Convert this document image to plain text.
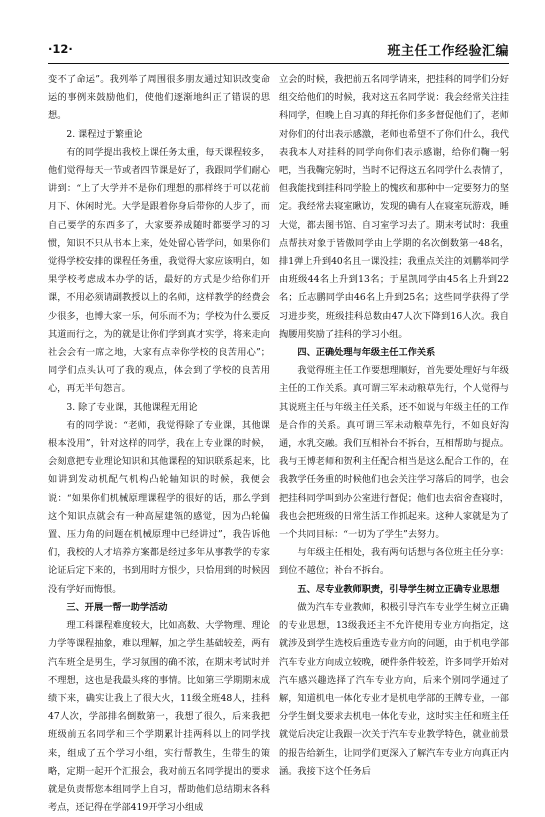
·12·	班主任工作经验汇编

变不了命运”。我列举了周围很多朋友通过知识改变命运的事例来鼓励他们，使他们逐渐地纠正了错误的思想。

2. 课程过于繁重论

有的同学提出我校上课任务太重，每天课程较多，他们觉得每天一节或者四节课是好了，我跟同学们耐心讲到：“上了大学并不是你们理想的那样终于可以花前月下、休闲时光。大学是跟着你身后带你的人步了，而自己要学的东西多了，大家要养成随时都要学习的习惯，知识不只从书本上来，处处留心皆学问，如果你们觉得学校安排的课程任务重，我觉得大家应该明白，如果学校考虑成本办学的话，最好的方式是少给你们开课，不用必须请副教授以上的名师，这样教学的经费会少很多，也博大家一乐，何乐而不为；学校为什么要反其道而行之，为的就是让你们学到真才实学，将来走向社会会有一席之地，大家有点幸你学校的良苦用心”；同学们点头认可了我的观点，体会到了学校的良苦用心，再无半句怨言。

3. 除了专业课，其他课程无用论

有的同学说：“老师，我觉得除了专业课，其他课根本没用”，针对这样的同学，我在上专业课的时候，会刻意把专业理论知识和其他课程的知识联系起来，比如讲到发动机配气机构凸轮轴知识的时候，我便会说：“如果你们机械原理课程学的很好的话，那么学到这个知识点就会有一种高屋建瓴的感觉，因为凸轮偏置、压力角的问题在机械原理中已经讲过”，我告诉他们，我校的人才培养方案都是经过多年从事教学的专家论证后定下来的，书到用时方恨少，只恰用到的时候因没有学好而悔恨。

三、开展一帮一助学活动

理工科课程难度较大，比如高数、大学物理、理论力学等课程抽象，难以理解，加之学生基础较差，两有汽车班全是男生，学习氛围的确不浓，在期末考试时并不理想，这也是我最头疼的事情。比如第三学期期末成绩下来，确实让我上了很大火，11级全班48人，挂科47人次，学部排名倒数第一，我想了很久，后来我把班级前五名同学和三个学期累计挂两科以上的同学找来，组成了五个学习小组，实行帮教生，生带生的策略，定期一起开个汇报会，我对前五名同学提出的要求就是负责帮您本组同学上自习，帮助他们总结期末各科考点，还记得在学部419开学习小组成

立会的时候，我把前五名同学请来，把挂科的同学们分好组交给他们的时候，我对这五名同学说：我会经常关注挂科同学，但晚上自习真的拜托你们多多督促他们了，老师对你们的付出表示感激，老师也希望不了你们什么，我代表我本人对挂科的同学向你们表示感谢，给你们鞠一躬吧，当我鞠完躬时，当时不记得这五名同学什么表情了，但我能找到挂科同学脸上的愧疚和那种中一定要努力的坚定。我经常去寝室瞅访，发现的确有人在寝室玩游戏，睡大觉，都去图书馆、自习室学习去了。期末考试时：我重点帮扶对象于皆傲同学由上学期的名次倒数第一48名，排1弹上升到40名且一课没挂；我重点关注的刘鹏举同学由班级44名上升到13名；于星凯同学由45名上升到22名；丘志鹏同学由46名上升到25名；这些同学获得了学习进步奖，班级挂科总数由47人次下降到16人次。我自掏腰用奖励了挂科的学习小组。

四、正确处理与年级主任工作关系

我觉得班主任工作要想理顺好，首先要处理好与年级主任的工作关系。真可谓三军未动粮草先行，个人觉得与其说班主任与年级主任关系，还不如说与年级主任的工作是合作的关系。真可谓三军未动粮草先行，不如良好沟通，水乳交融。我们互相补台不拆台，互相帮助与提点。我与王博老师和贺利主任配合相当是这么配合工作的，在我教学任务重的时候他们也会关注学习落后的同学，也会把挂科同学叫到办公室进行督促；他们也去宿舍查寝时，我也会把班级的日常生活工作抓起来。这种人家就是为了一个共同目标：“一切为了学生”去努力。

与年级主任相处，我有两句话想与各位班主任分享：到位不越位；补台不拆台。

五、尽专业教师职责，引导学生树立正确专业思想

做为汽车专业教师，积极引导汽车专业学生树立正确的专业思想，13级我还主不允许使用专业方向指定，这就涉及到学生选校后重选专业方向的问题，由于机电学部汽车专业方向成立较晚，硬件条件较差，许多同学开始对汽车感兴趣选择了汽车专业方向，后来个别同学通过了解，知道机电一体化专业才是机电学部的王牌专业，一部分学生倒戈要求去机电一体化专业，这时实主任和班主任就觉后决定让我跟一次关于汽车专业教学特色，就业前景的报告给新生，让同学们更深入了解汽车专业方向真正内涵。我接下这个任务后
